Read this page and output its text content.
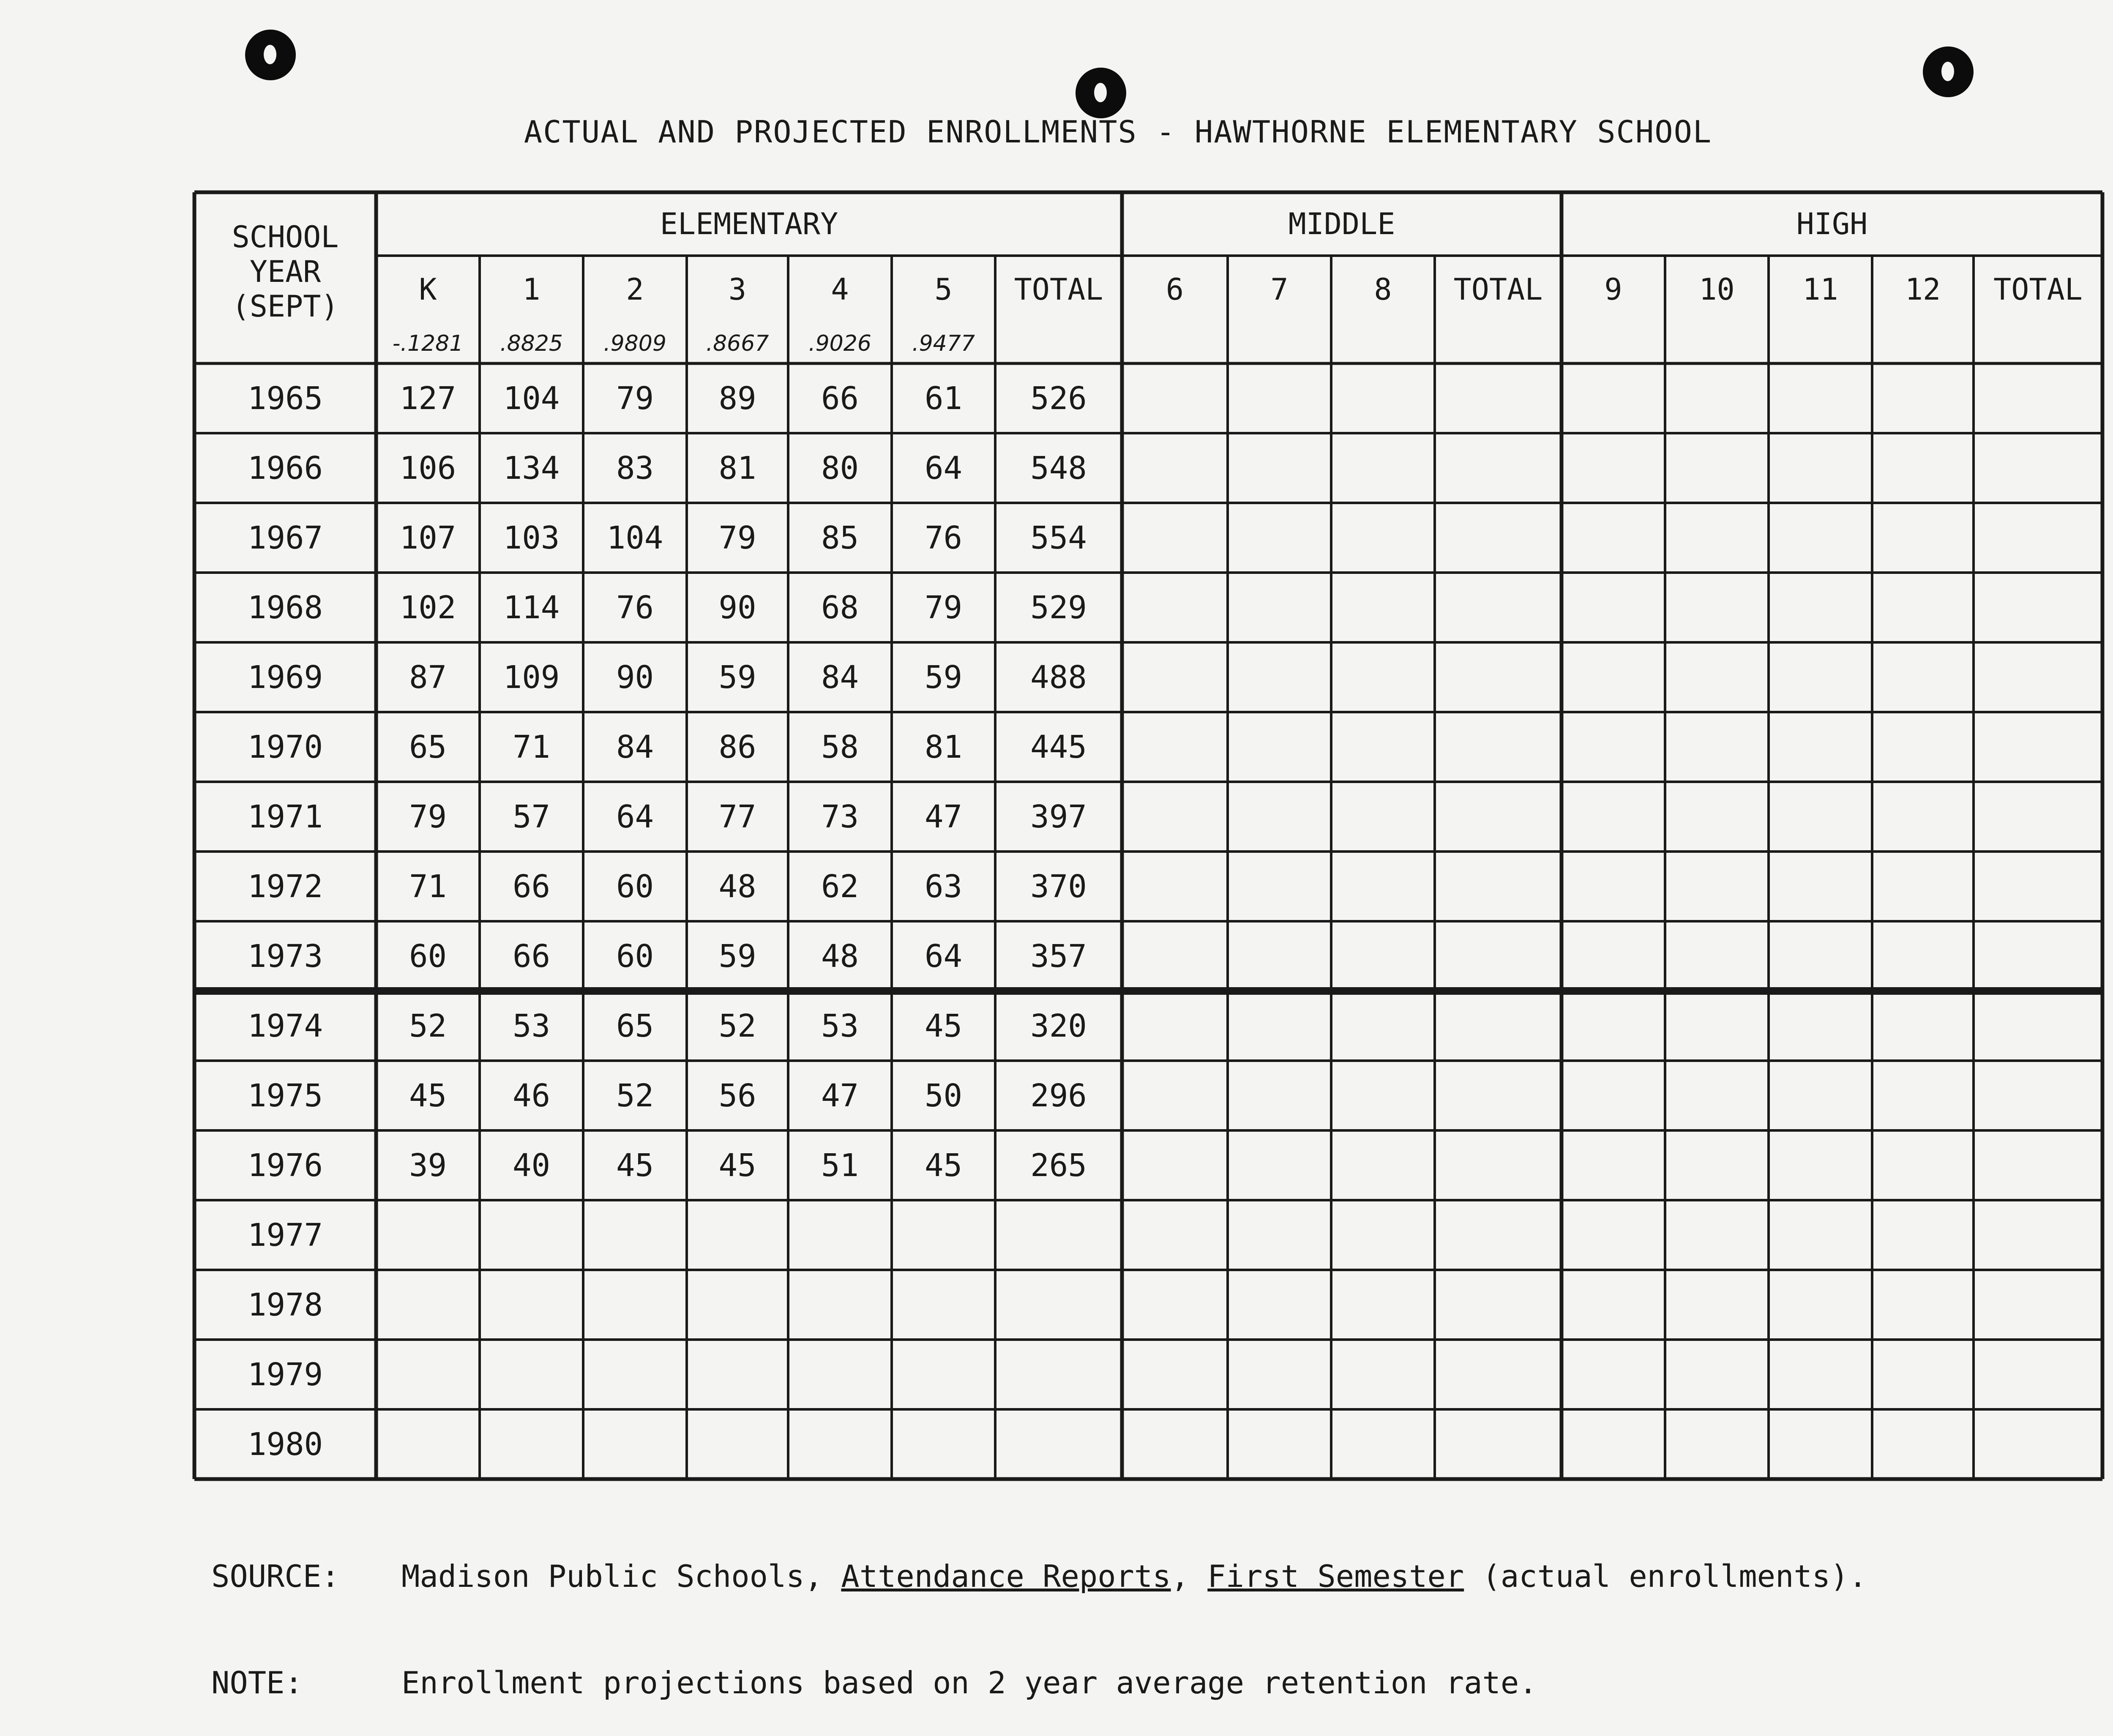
ACTUAL AND PROJECTED ENROLLMENTS - HAWTHORNE ELEMENTARY SCHOOL
SCHOOL
YEAR
(SEPT)
ELEMENTARY	MIDDLE	HIGH
K	1	2	3	4	5	TOTAL	6	7	8	TOTAL	9	10	11	12	TOTAL
-.1281	.8825	.9809	.8667	.9026	.9477
1965	127	104	79	89	66	61	526
1966	106	134	83	81	80	64	548
1967	107	103	104	79	85	76	554
1968	102	114	76	90	68	79	529
1969	87	109	90	59	84	59	488
1970	65	71	84	86	58	81	445
1971	79	57	64	77	73	47	397
1972	71	66	60	48	62	63	370
1973	60	66	60	59	48	64	357
1974	52	53	65	52	53	45	320
1975	45	46	52	56	47	50	296
1976	39	40	45	45	51	45	265
1977
1978
1979
1980

SOURCE: Madison Public Schools, Attendance Reports, First Semester (actual enrollments).

NOTE:	Enrollment projections based on 2 year average retention rate.
